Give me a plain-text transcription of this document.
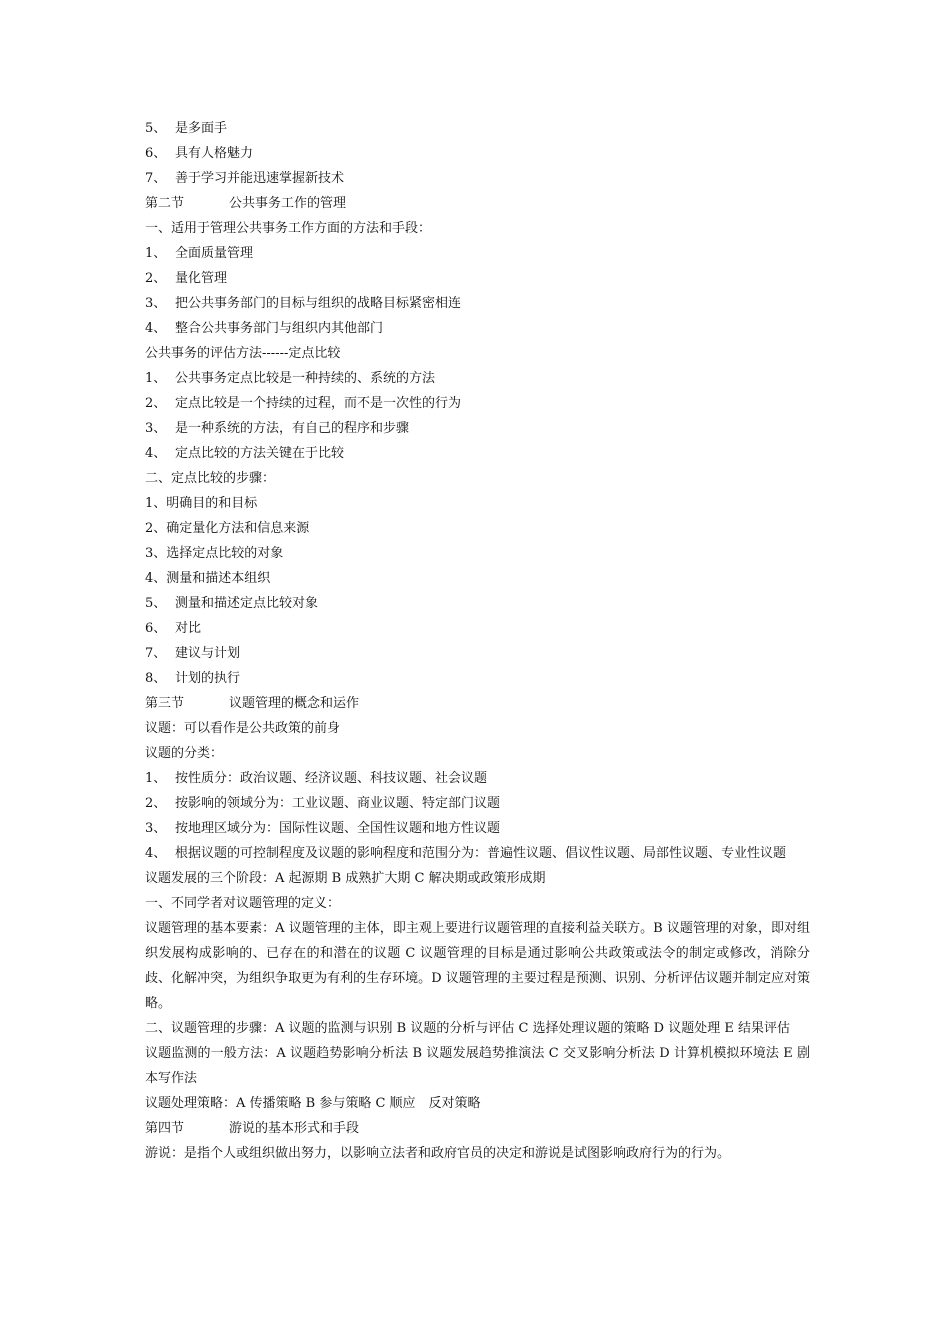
5、 是多面手
6、 具有人格魅力
7、 善于学习并能迅速掌握新技术
第二节	公共事务工作的管理
一、适用于管理公共事务工作方面的方法和手段：
1、 全面质量管理
2、 量化管理
3、 把公共事务部门的目标与组织的战略目标紧密相连
4、 整合公共事务部门与组织内其他部门
公共事务的评估方法------定点比较
1、 公共事务定点比较是一种持续的、系统的方法
2、 定点比较是一个持续的过程，而不是一次性的行为
3、 是一种系统的方法，有自己的程序和步骤
4、 定点比较的方法关键在于比较
二、定点比较的步骤：
1、明确目的和目标
2、确定量化方法和信息来源
3、选择定点比较的对象
4、测量和描述本组织
5、 测量和描述定点比较对象
6、 对比
7、 建议与计划
8、 计划的执行
第三节	议题管理的概念和运作
议题：可以看作是公共政策的前身
议题的分类：
1、 按性质分：政治议题、经济议题、科技议题、社会议题
2、 按影响的领域分为：工业议题、商业议题、特定部门议题
3、 按地理区域分为：国际性议题、全国性议题和地方性议题
4、 根据议题的可控制程度及议题的影响程度和范围分为：普遍性议题、倡议性议题、局部性议题、专业性议题
议题发展的三个阶段：A 起源期 B 成熟扩大期 C 解决期或政策形成期
一、不同学者对议题管理的定义：
议题管理的基本要素：A 议题管理的主体，即主观上要进行议题管理的直接利益关联方。B 议题管理的对象，即对组织发展构成影响的、已存在的和潜在的议题 C 议题管理的目标是通过影响公共政策或法令的制定或修改，消除分歧、化解冲突，为组织争取更为有利的生存环境。D 议题管理的主要过程是预测、识别、分析评估议题并制定应对策略。
二、议题管理的步骤：A 议题的监测与识别 B 议题的分析与评估 C 选择处理议题的策略 D 议题处理 E 结果评估
议题监测的一般方法：A 议题趋势影响分析法 B 议题发展趋势推演法 C 交叉影响分析法 D 计算机模拟环境法 E 剧本写作法
议题处理策略：A 传播策略 B 参与策略 C 顺应　反对策略
第四节	游说的基本形式和手段
游说：是指个人或组织做出努力，以影响立法者和政府官员的决定和游说是试图影响政府行为的行为。
